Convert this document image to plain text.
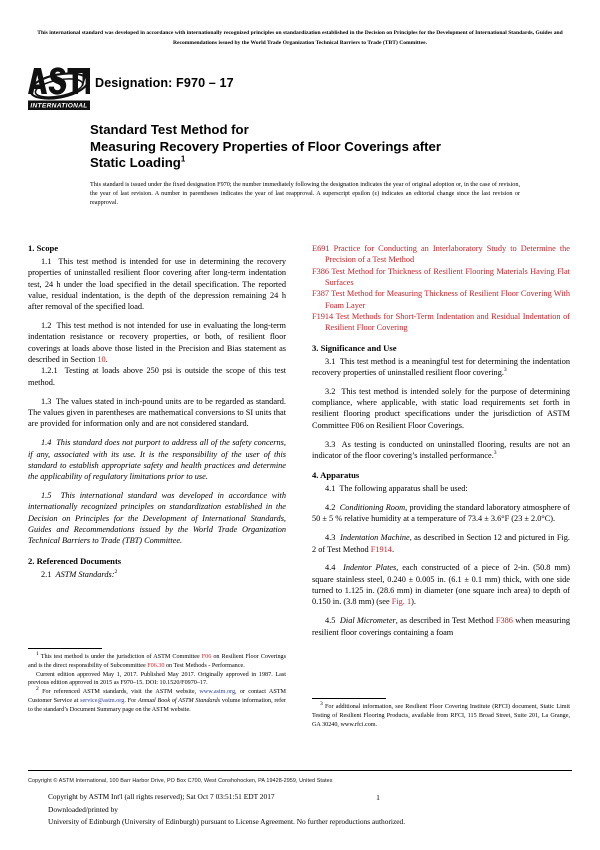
This international standard was developed in accordance with internationally recognized principles on standardization established in the Decision on Principles for the Development of International Standards, Guides and Recommendations issued by the World Trade Organization Technical Barriers to Trade (TBT) Committee.
INTERNATIONAL
Designation: F970 – 17
Standard Test Method for
Measuring Recovery Properties of Floor Coverings after
Static Loading$^1$
This standard is issued under the fixed designation F970; the number immediately following the designation indicates the year of original adoption or, in the case of revision, the year of last revision. A number in parentheses indicates the year of last reapproval. A superscript epsilon (ε) indicates an editorial change since the last revision or reapproval.
1. Scope

1.1 This test method is intended for use in determining the recovery properties of uninstalled resilient floor covering after long-term indentation test, 24 h under the load specified in the detail specification. The reported value, residual indentation, is the depth of the depression remaining 24 h after removal of the specified load.

1.2 This test method is not intended for use in evaluating the long-term indentation resistance or recovery properties, or both, of resilient floor coverings at loads above those listed in the Precision and Bias statement as described in Section 10.

1.2.1 Testing at loads above 250 psi is outside the scope of this test method.

1.3 The values stated in inch-pound units are to be regarded as standard. The values given in parentheses are mathematical conversions to SI units that are provided for information only and are not considered standard.

1.4 This standard does not purport to address all of the safety concerns, if any, associated with its use. It is the responsibility of the user of this standard to establish appropriate safety and health practices and determine the applicability of regulatory limitations prior to use.

1.5 This international standard was developed in accordance with internationally recognized principles on standardization established in the Decision on Principles for the Development of International Standards, Guides and Recommendations issued by the World Trade Organization Technical Barriers to Trade (TBT) Committee.

2. Referenced Documents

2.1 ASTM Standards:$^2$

E691 Practice for Conducting an Interlaboratory Study to Determine the Precision of a Test Method
F386 Test Method for Thickness of Resilient Flooring Materials Having Flat Surfaces
F387 Test Method for Measuring Thickness of Resilient Floor Covering With Foam Layer
F1914 Test Methods for Short-Term Indentation and Residual Indentation of Resilient Floor Covering
3. Significance and Use

3.1 This test method is a meaningful test for determining the indentation recovery properties of uninstalled resilient floor covering.$^3$

3.2 This test method is intended solely for the purpose of determining compliance, where applicable, with static load requirements set forth in resilient flooring product specifications under the jurisdiction of ASTM Committee F06 on Resilient Floor Coverings.

3.3 As testing is conducted on uninstalled flooring, results are not an indicator of the floor covering’s installed performance.$^3$

4. Apparatus

4.1 The following apparatus shall be used:

4.2 Conditioning Room, providing the standard laboratory atmosphere of 50 ± 5 % relative humidity at a temperature of 73.4 ± 3.6°F (23 ± 2.0°C).

4.3 Indentation Machine, as described in Section 12 and pictured in Fig. 2 of Test Method F1914.

4.4 Indentor Plates, each constructed of a piece of 2-in. (50.8 mm) square stainless steel, 0.240 ± 0.005 in. (6.1 ± 0.1 mm) thick, with one side turned to 1.125 in. (28.6 mm) in diameter (one square inch area) to depth of 0.150 in. (3.8 mm) (see Fig. 1).

4.5 Dial Micrometer, as described in Test Method F386 when measuring resilient floor coverings containing a foam

$^1$ This test method is under the jurisdiction of ASTM Committee F06 on Resilient Floor Coverings and is the direct responsibility of Subcommittee F06.30 on Test Methods - Performance.

Current edition approved May 1, 2017. Published May 2017. Originally approved in 1987. Last previous edition approved in 2015 as F970–15. DOI: 10.1520/F0970–17.

$^2$ For referenced ASTM standards, visit the ASTM website, www.astm.org, or contact ASTM Customer Service at service@astm.org. For Annual Book of ASTM Standards volume information, refer to the standard’s Document Summary page on the ASTM website.

$^3$ For additional information, see Resilient Floor Covering Institute (RFCI) document, Static Limit Testing of Resilient Flooring Products, available from RFCI, 115 Broad Street, Suite 201, La Grange, GA 30240, www.rfci.com.

Copyright © ASTM International, 100 Barr Harbor Drive, PO Box C700, West Conshohocken, PA 19428-2959, United States
Copyright by ASTM Int'l (all rights reserved); Sat Oct 7 03:51:51 EDT 2017
Downloaded/printed by
University of Edinburgh (University of Edinburgh) pursuant to License Agreement. No further reproductions authorized.
1
